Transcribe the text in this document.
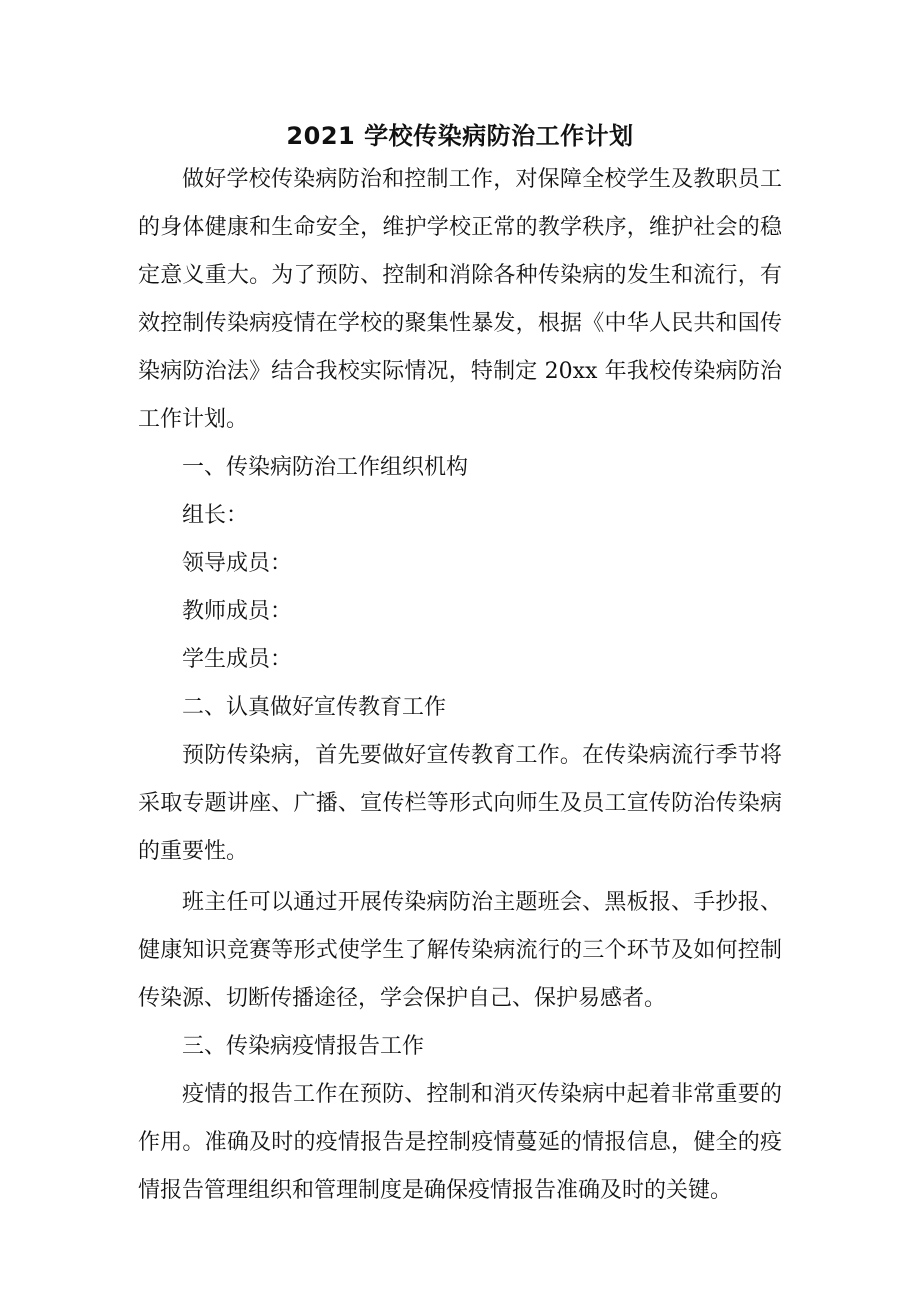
2021 学校传染病防治工作计划

做好学校传染病防治和控制工作，对保障全校学生及教职员工的身体健康和生命安全，维护学校正常的教学秩序，维护社会的稳定意义重大。为了预防、控制和消除各种传染病的发生和流行，有效控制传染病疫情在学校的聚集性暴发，根据《中华人民共和国传染病防治法》结合我校实际情况，特制定 20xx 年我校传染病防治工作计划。

一、传染病防治工作组织机构

组长：

领导成员：

教师成员：

学生成员：

二、认真做好宣传教育工作

预防传染病，首先要做好宣传教育工作。在传染病流行季节将采取专题讲座、广播、宣传栏等形式向师生及员工宣传防治传染病的重要性。

班主任可以通过开展传染病防治主题班会、黑板报、手抄报、健康知识竞赛等形式使学生了解传染病流行的三个环节及如何控制传染源、切断传播途径，学会保护自己、保护易感者。

三、传染病疫情报告工作

疫情的报告工作在预防、控制和消灭传染病中起着非常重要的作用。准确及时的疫情报告是控制疫情蔓延的情报信息，健全的疫情报告管理组织和管理制度是确保疫情报告准确及时的关键。
